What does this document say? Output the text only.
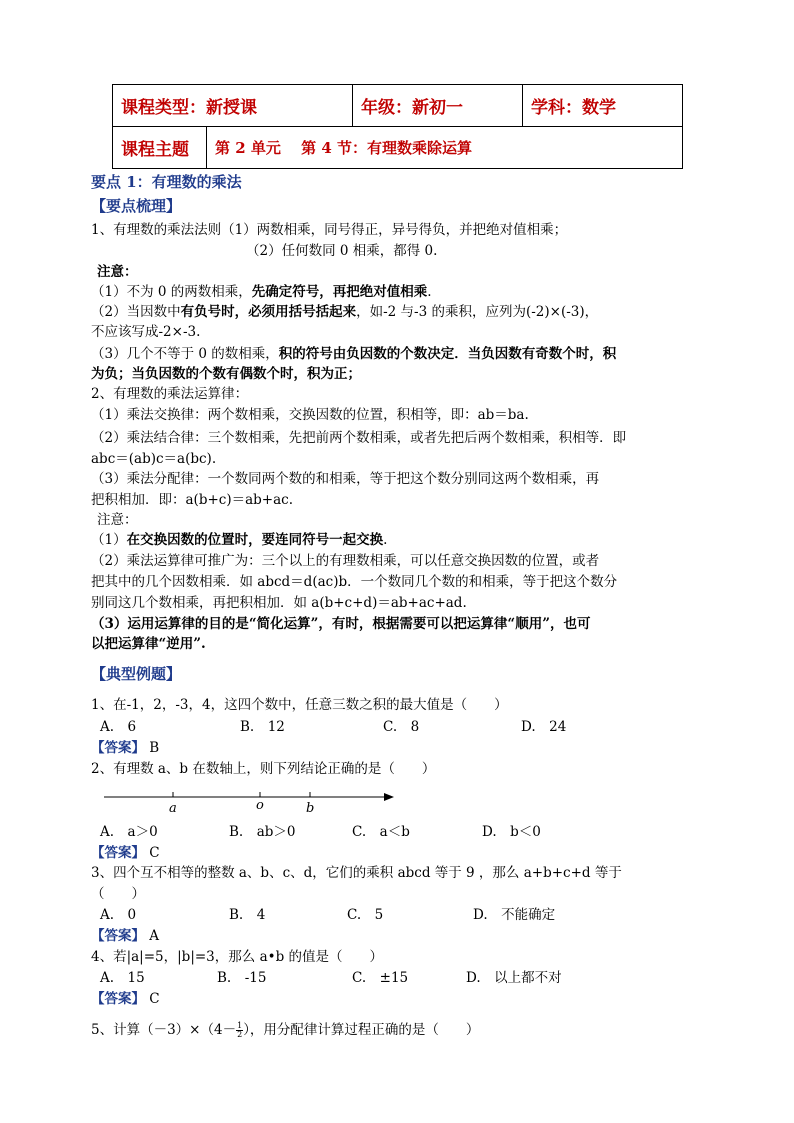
课程类型：新授课		年级：新初一	学科：数学
课程主题	第 2 单元　 第 4 节：有理数乘除运算		
要点 1：有理数的乘法
【要点梳理】
1、有理数的乘法法则（1）两数相乘，同号得正，异号得负，并把绝对值相乘；
（2）任何数同 0 相乘，都得 0.
注意：
（1）不为 0 的两数相乘，先确定符号，再把绝对值相乘.
（2）当因数中有负号时，必须用括号括起来，如-2 与-3 的乘积，应列为(-2)×(-3)，
不应该写成-2×-3.
（3）几个不等于 0 的数相乘，积的符号由负因数的个数决定．当负因数有奇数个时，积
为负；当负因数的个数有偶数个时，积为正；
2、有理数的乘法运算律：
（1）乘法交换律：两个数相乘，交换因数的位置，积相等，即：ab＝ba.
（2）乘法结合律：三个数相乘，先把前两个数相乘，或者先把后两个数相乘，积相等．即
abc＝(ab)c＝a(bc).
（3）乘法分配律：一个数同两个数的和相乘，等于把这个数分别同这两个数相乘，再
把积相加．即：a(b+c)＝ab+ac.
注意：
（1）在交换因数的位置时，要连同符号一起交换.
（2）乘法运算律可推广为：三个以上的有理数相乘，可以任意交换因数的位置，或者
把其中的几个因数相乘．如 abcd＝d(ac)b．一个数同几个数的和相乘，等于把这个数分
别同这几个数相乘，再把积相加．如 a(b+c+d)＝ab+ac+ad.
（3）运用运算律的目的是“简化运算”，有时，根据需要可以把运算律“顺用”，也可
以把运算律“逆用”.
【典型例题】
1、在-1，2，-3，4，这四个数中，任意三数之积的最大值是（　　）
A.　6	B.　12	C.　8	D.　24
【答案】 B
2、有理数 a、b 在数轴上，则下列结论正确的是（　　）
a	o	b
A.　a＞0	B.　ab＞0	C.　a＜b	D.　b＜0
【答案】 C
3、四个互不相等的整数 a、b、c、d，它们的乘积 abcd 等于 9 ，那么 a+b+c+d 等于
（　　）
A.　0	B.　4	C.　5	D.　不能确定
【答案】 A
4、若|a|=5，|b|=3，那么 a•b 的值是（　　）
A.　15	B.　-15	C.　±15	D.　以上都不对
【答案】 C
5、计算$(-3)\times(4- \frac{1}{2}$ ），用分配律计算过程正确的是（　　）
